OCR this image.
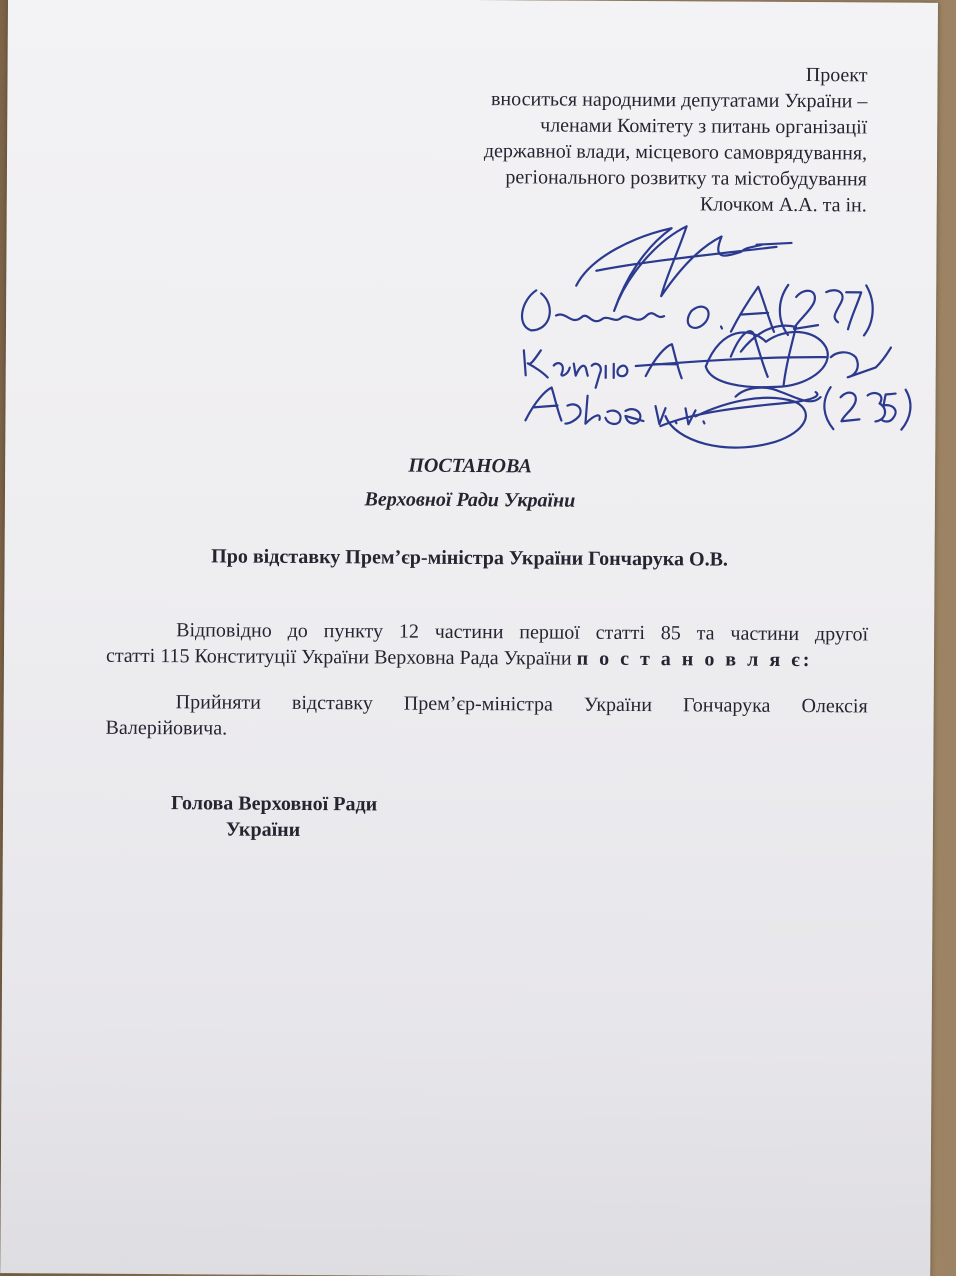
Проект
вноситься народними депутатами України –
членами Комітету з питань організації
державної влади, місцевого самоврядування,
регіонального розвитку та містобудування
Клочком А.А. та ін.
ПОСТАНОВА
Верховної Ради України
Про відставку Прем’єр-міністра України Гончарука О.В.
Відповідно до пункту 12 частини першої статті 85 та частини другої
статті 115 Конституції України Верховна Рада України п о с т а н о в л я є:
Прийняти відставку Прем’єр-міністра України Гончарука Олексія
Валерійовича.
Голова Верховної Ради
України
